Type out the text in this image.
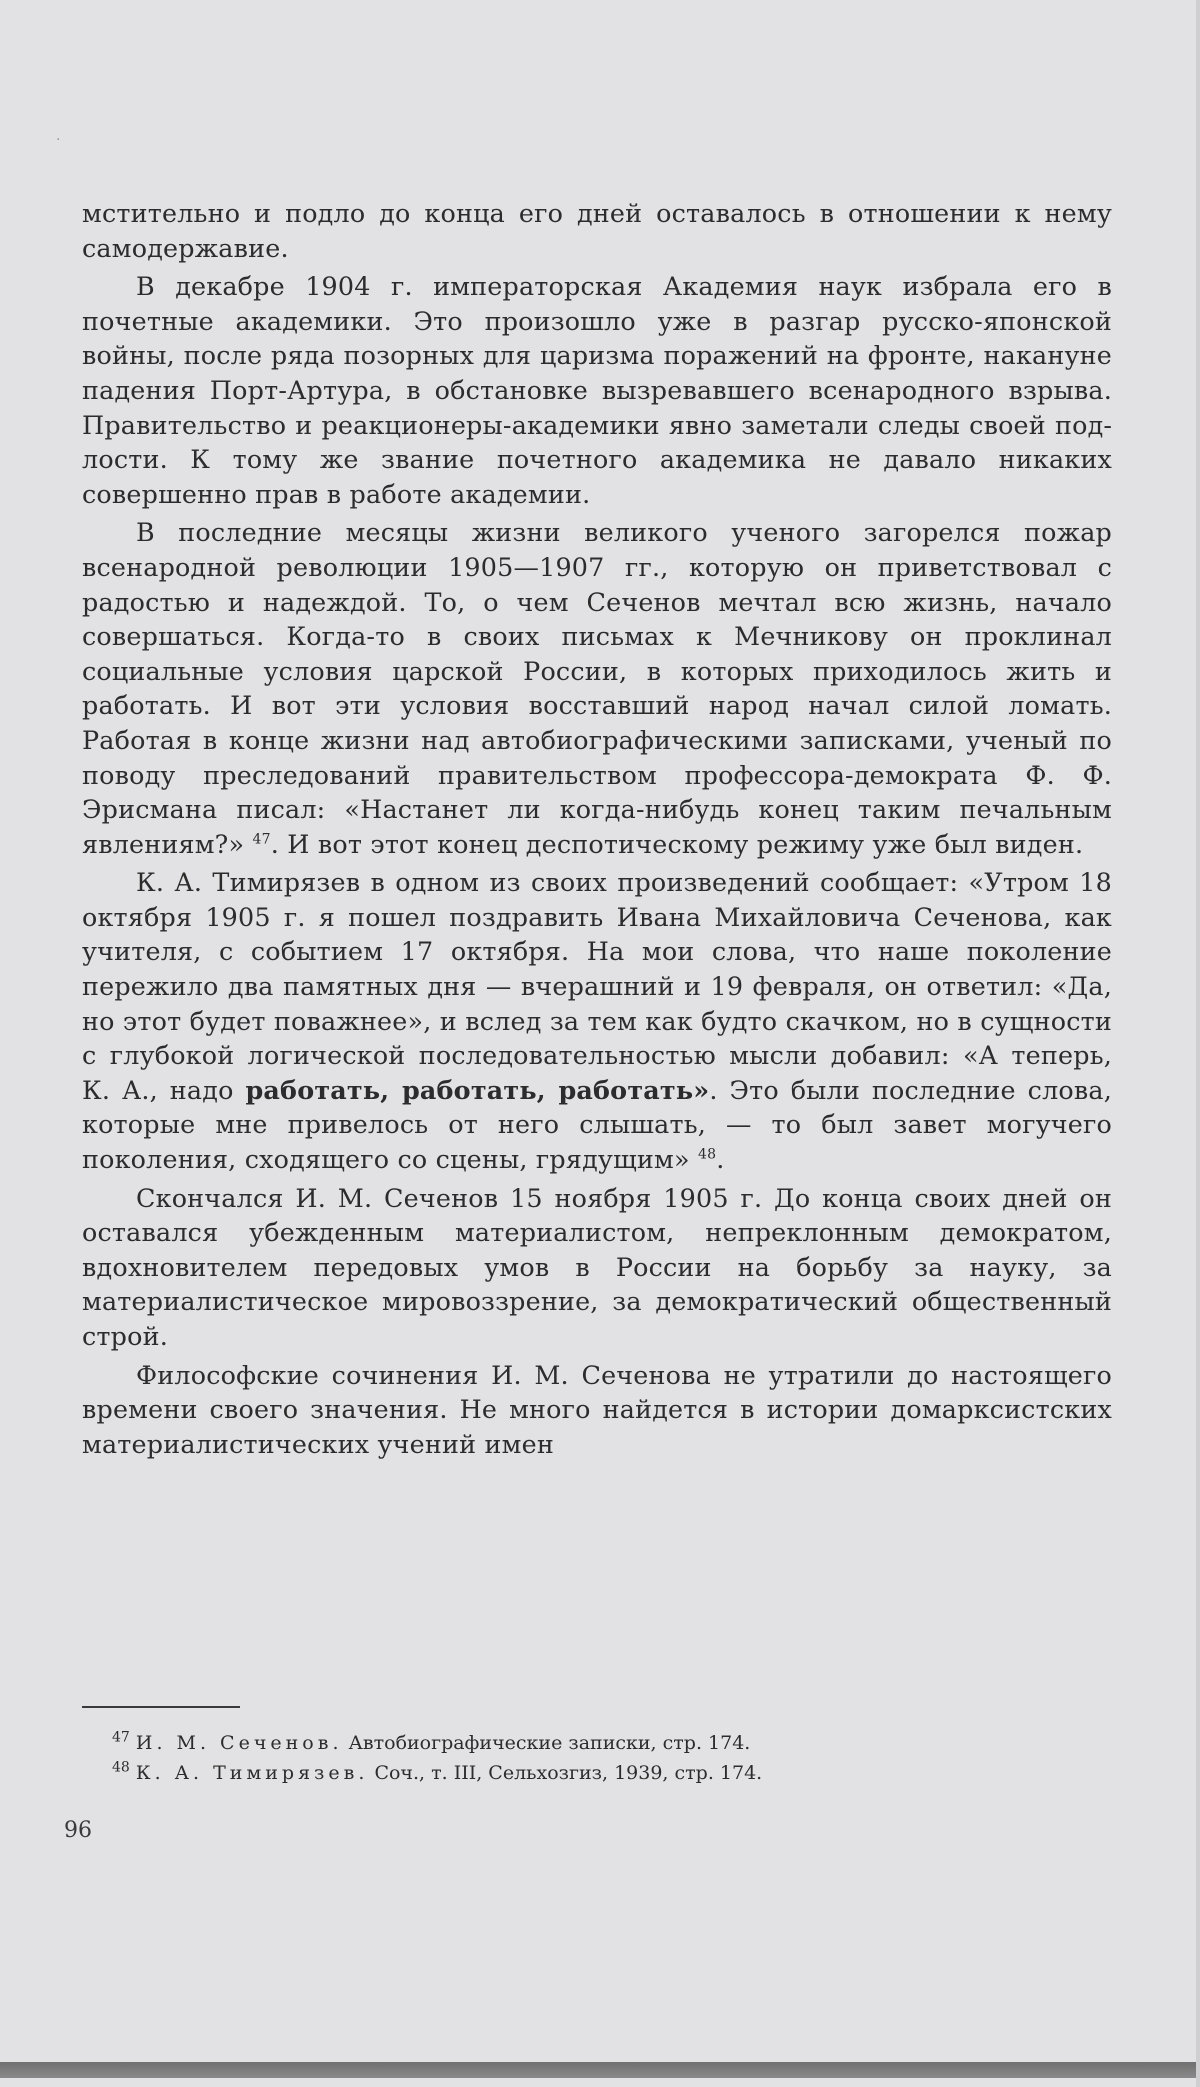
·

мстительно и подло до конца его дней оставалось в отношении к нему самодержавие.

В декабре 1904 г. императорская Академия наук избрала его в почетные академики. Это произошло уже в разгар русско-японской войны, после ряда позорных для царизма поражений на фронте, накануне падения Порт-Артура, в обстановке вызревавшего всенародного взрыва. Правительство и реакционеры-академики явно заметали следы своей подлости. К тому же звание почетного академика не давало никаких совершенно прав в работе академии.

В последние месяцы жизни великого ученого загорелся пожар всенародной революции 1905—1907 гг., которую он приветствовал с радостью и надеждой. То, о чем Сеченов мечтал всю жизнь, начало совершаться. Когда-то в своих письмах к Мечникову он проклинал социальные условия царской России, в которых приходилось жить и работать. И вот эти условия восставший народ начал силой ломать. Работая в конце жизни над автобиографическими записками, ученый по поводу преследований правительством профессора-демократа Ф. Ф. Эрисмана писал: «Настанет ли когда-нибудь конец таким печальным явлениям?» $^{47}$. И вот этот конец деспотическому режиму уже был виден.

К. А. Тимирязев в одном из своих произведений сообщает: «Утром 18 октября 1905 г. я пошел поздравить Ивана Михайловича Сеченова, как учителя, с событием 17 октября. На мои слова, что наше поколение пережило два памятных дня — вчерашний и 19 февраля, он ответил: «Да, но этот будет поважнее», и вслед за тем как будто скачком, но в сущности с глубокой логической последовательностью мысли добавил: «А теперь, К. А., надо работать, работать, работать». Это были последние слова, которые мне привелось от него слышать, — то был завет могучего поколения, сходящего со сцены, грядущим» $^{48}$.

Скончался И. М. Сеченов 15 ноября 1905 г. До конца своих дней он оставался убежденным материалистом, непреклонным демократом, вдохновителем передовых умов в России на борьбу за науку, за материалистическое мировоззрение, за демократический общественный строй.

Философские сочинения И. М. Сеченова не утратили до настоящего времени своего значения. Не много найдется в истории домарксистских материалистических учений имен

$^{47}$ И. М. Сеченов. Автобиографические записки, стр. 174.
$^{48}$ К. А. Тимирязев. Соч., т. III, Сельхозгиз, 1939, стр. 174.
96
